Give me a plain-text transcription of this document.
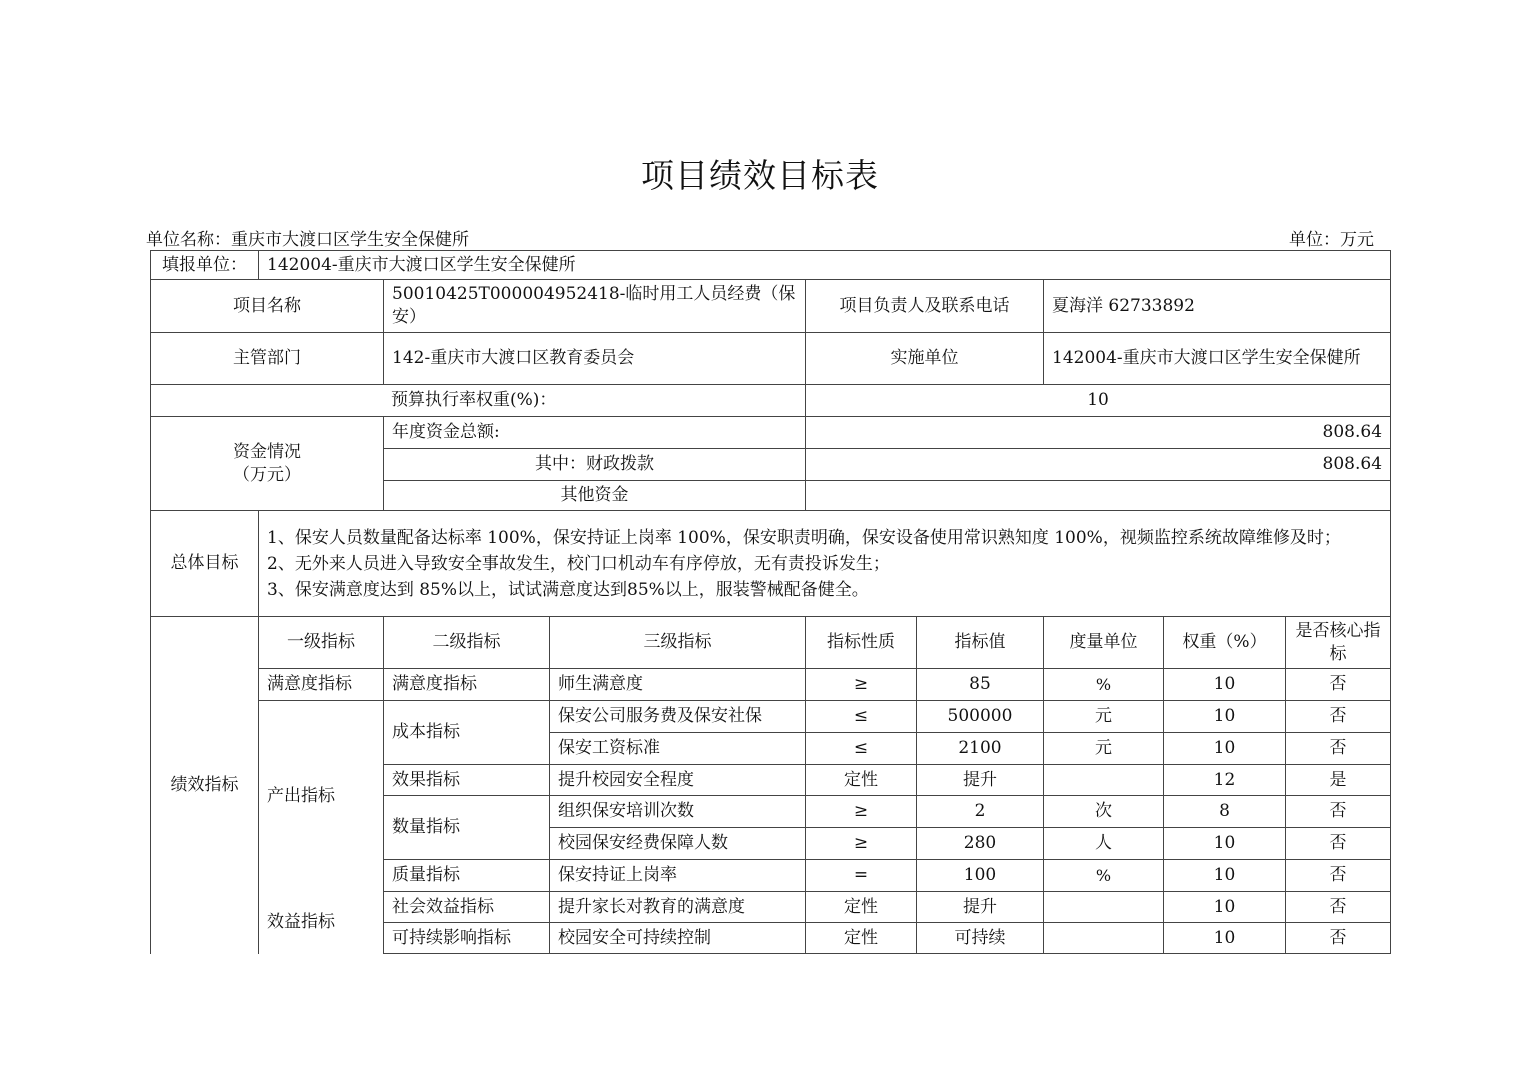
项目绩效目标表
单位名称：重庆市大渡口区学生安全保健所	单位：万元
填报单位：	142004-重庆市大渡口区学生安全保健所							
项目名称		50010425T000004952418-临时用工人员经费（保安）		项目负责人及联系电话		夏海洋 62733892		
主管部门		142-重庆市大渡口区教育委员会		实施单位		142004-重庆市大渡口区学生安全保健所		
预算执行率权重(%)：				10				

资金情况
（万元）		年度资金总额:		808.64				
		其中：财政拨款		808.64				
		其他资金						
总体目标	1、保安人员数量配备达标率 100%，保安持证上岗率 100%，保安职责明确，保安设备使用常识熟知度 100%，视频监控系统故障维修及时；
2、无外来人员进入导致安全事故发生，校门口机动车有序停放，无有责投诉发生；
3、保安满意度达到 85%以上，试试满意度达到85%以上，服装警械配备健全。							

绩效指标	一级指标	二级指标	三级指标	指标性质	指标值	度量单位	权重（%）	是否核心指标
	满意度指标	满意度指标	师生满意度	≥	85	%	10	否
	产出指标	成本指标	保安公司服务费及保安社保	≤	500000	元	10	否
			保安工资标准	≤	2100	元	10	否
		效果指标	提升校园安全程度	定性	提升		12	是
		数量指标	组织保安培训次数	≥	2	次	8	否
			校园保安经费保障人数	≥	280	人	10	否
		质量指标	保安持证上岗率	=	100	%	10	否
	效益指标	社会效益指标	提升家长对教育的满意度	定性	提升		10	否
		可持续影响指标	校园安全可持续控制	定性	可持续		10	否
